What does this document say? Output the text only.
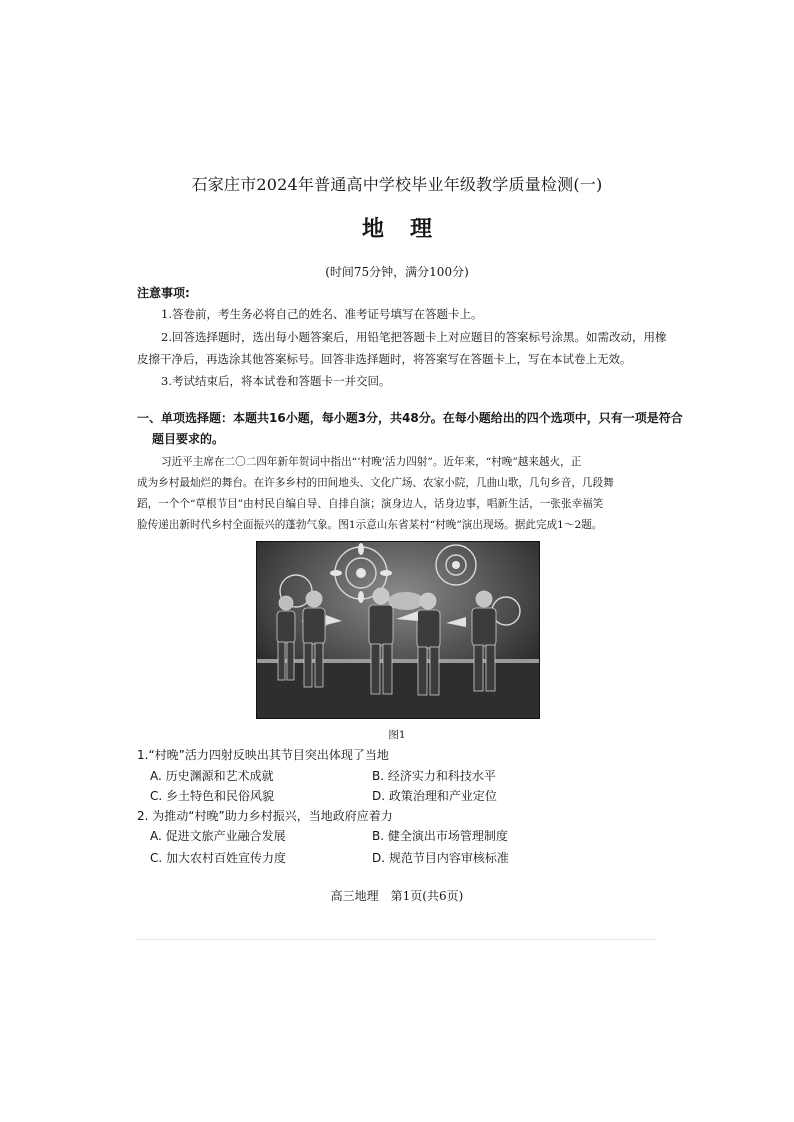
石家庄市2024年普通高中学校毕业年级教学质量检测(一)
地理
(时间75分钟，满分100分)
注意事项:
1.答卷前，考生务必将自己的姓名、准考证号填写在答题卡上。
2.回答选择题时，选出每小题答案后，用铅笔把答题卡上对应题目的答案标号涂黑。如需改动，用橡
皮擦干净后，再选涂其他答案标号。回答非选择题时，将答案写在答题卡上，写在本试卷上无效。
3.考试结束后，将本试卷和答题卡一并交回。
一、单项选择题：本题共16小题，每小题3分，共48分。在每小题给出的四个选项中，只有一项是符合
题目要求的。
习近平主席在二〇二四年新年贺词中指出“‘村晚’活力四射”。近年来，“村晚”越来越火，正
成为乡村最灿烂的舞台。在许多乡村的田间地头、文化广场、农家小院，几曲山歌，几句乡音，几段舞
蹈，一个个“草根节目”由村民自编自导、自排自演；演身边人，话身边事，唱新生活，一张张幸福笑
脸传递出新时代乡村全面振兴的蓬勃气象。图1示意山东省某村“村晚”演出现场。据此完成1～2题。
图1
1.“村晚”活力四射反映出其节目突出体现了当地
A. 历史渊源和艺术成就	B. 经济实力和科技水平
C. 乡土特色和民俗风貌	D. 政策治理和产业定位
2. 为推动“村晚”助力乡村振兴，当地政府应着力
A. 促进文旅产业融合发展	B. 健全演出市场管理制度
C. 加大农村百姓宣传力度	D. 规范节目内容审核标准
高三地理　第1页(共6页)
